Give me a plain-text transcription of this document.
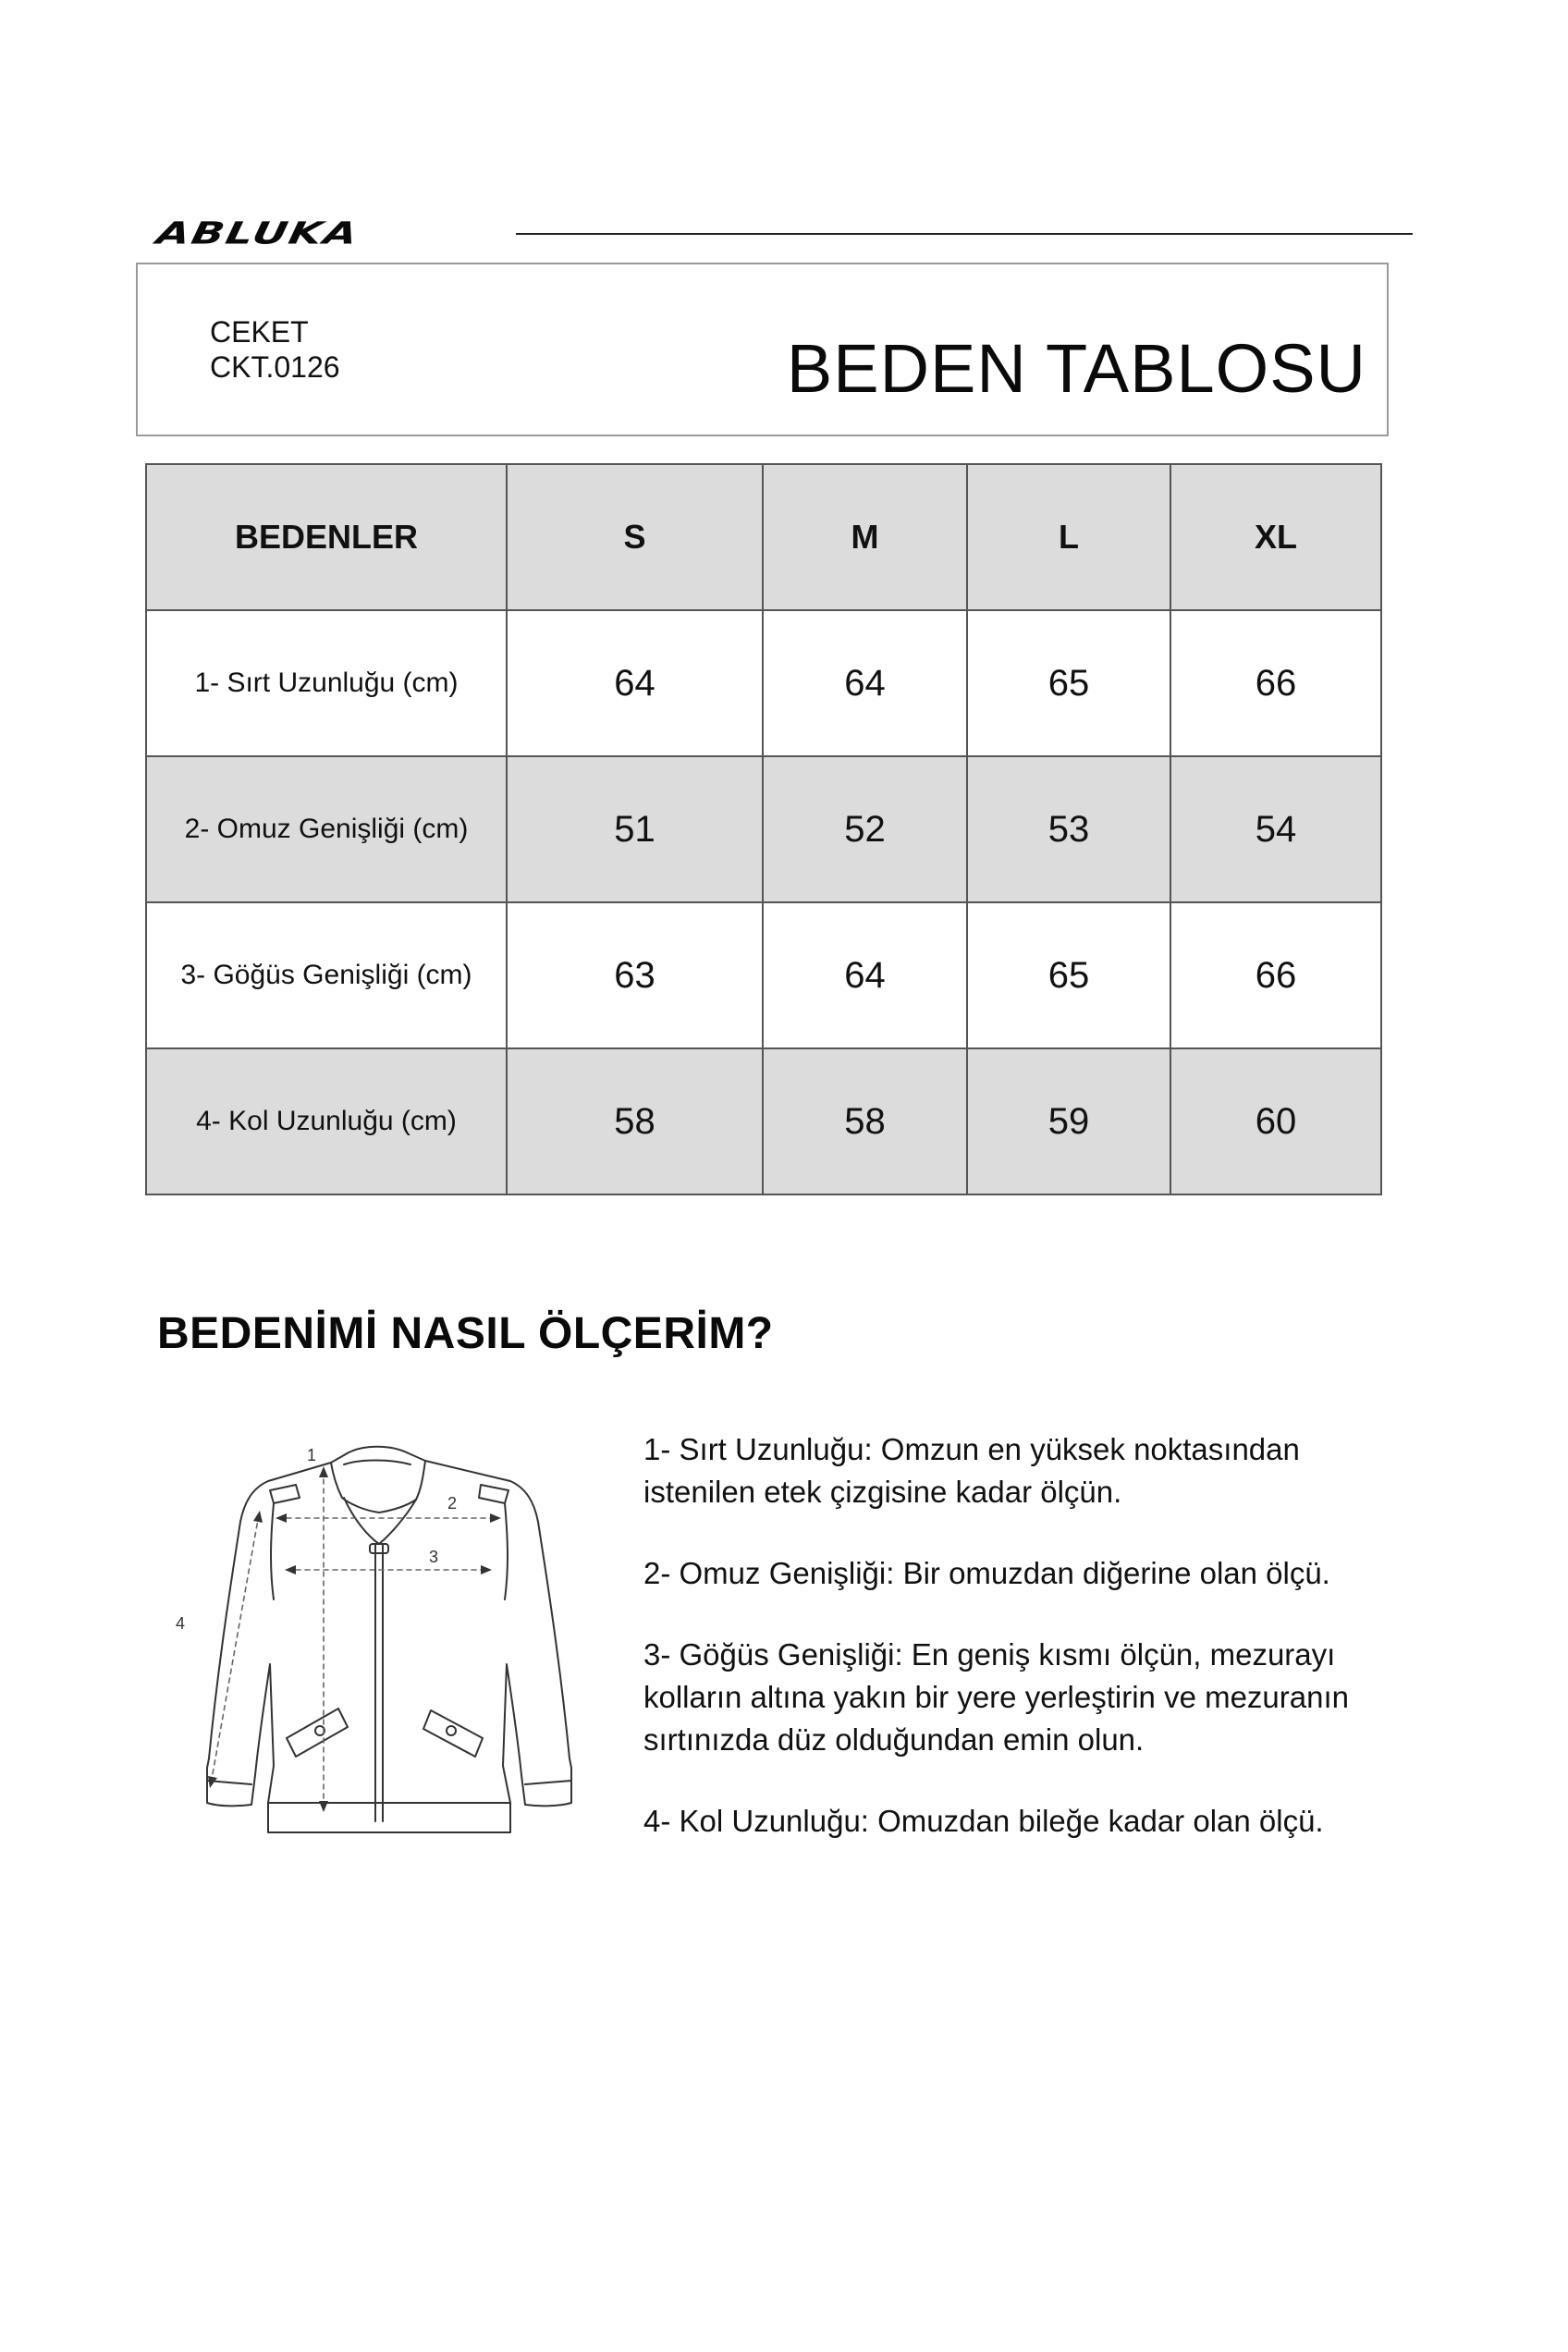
ABLUKA
CEKET
CKT.0126	BEDEN TABLOSU
BEDENLER	S	M	L	XL
1- Sırt Uzunluğu (cm)	64	64	65	66
2- Omuz Genişliği (cm)	51	52	53	54
3- Göğüs Genişliği (cm)	63	64	65	66
4- Kol Uzunluğu (cm)	58	58	59	60
BEDENİMİ NASIL ÖLÇERİM?
1
2
3
4

1- Sırt Uzunluğu: Omzun en yüksek noktasından istenilen etek çizgisine kadar ölçün.

2- Omuz Genişliği: Bir omuzdan diğerine olan ölçü.

3- Göğüs Genişliği: En geniş kısmı ölçün, mezurayı kolların altına yakın bir yere yerleştirin ve mezuranın sırtınızda düz olduğundan emin olun.

4- Kol Uzunluğu: Omuzdan bileğe kadar olan ölçü.
